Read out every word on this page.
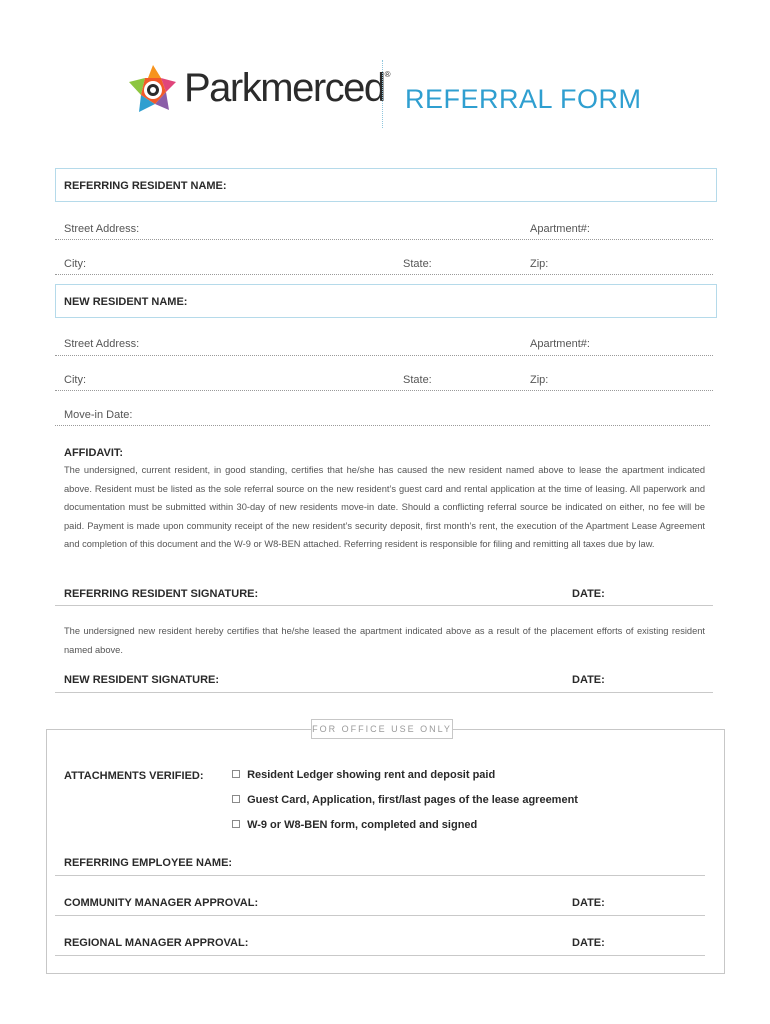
Parkmerced®
REFERRAL FORM
REFERRING RESIDENT NAME:
Street Address:	Apartment#:
City:	State:	Zip:
NEW RESIDENT NAME:
Street Address:	Apartment#:
City:	State:	Zip:
Move-in Date:
AFFIDAVIT:
The undersigned, current resident, in good standing, certifies that he/she has caused the new resident named above to lease the apartment indicated above. Resident must be listed as the sole referral source on the new resident’s guest card and rental application at the time of leasing. All paperwork and documentation must be submitted within 30-day of new residents move-in date. Should a conflicting referral source be indicated on either, no fee will be paid. Payment is made upon community receipt of the new resident’s security deposit, first month’s rent, the execution of the Apartment Lease Agreement and completion of this document and the W-9 or W8-BEN attached. Referring resident is responsible for filing and remitting all taxes due by law.
REFERRING RESIDENT SIGNATURE:	DATE:
The undersigned new resident hereby certifies that he/she leased the apartment indicated above as a result of the placement efforts of existing resident named above.
NEW RESIDENT SIGNATURE:	DATE:
FOR OFFICE USE ONLY
ATTACHMENTS VERIFIED:	Resident Ledger showing rent and deposit paid
Guest Card, Application, first/last pages of the lease agreement
W-9 or W8-BEN form, completed and signed
REFERRING EMPLOYEE NAME:
COMMUNITY MANAGER APPROVAL:	DATE:
REGIONAL MANAGER APPROVAL:	DATE:
